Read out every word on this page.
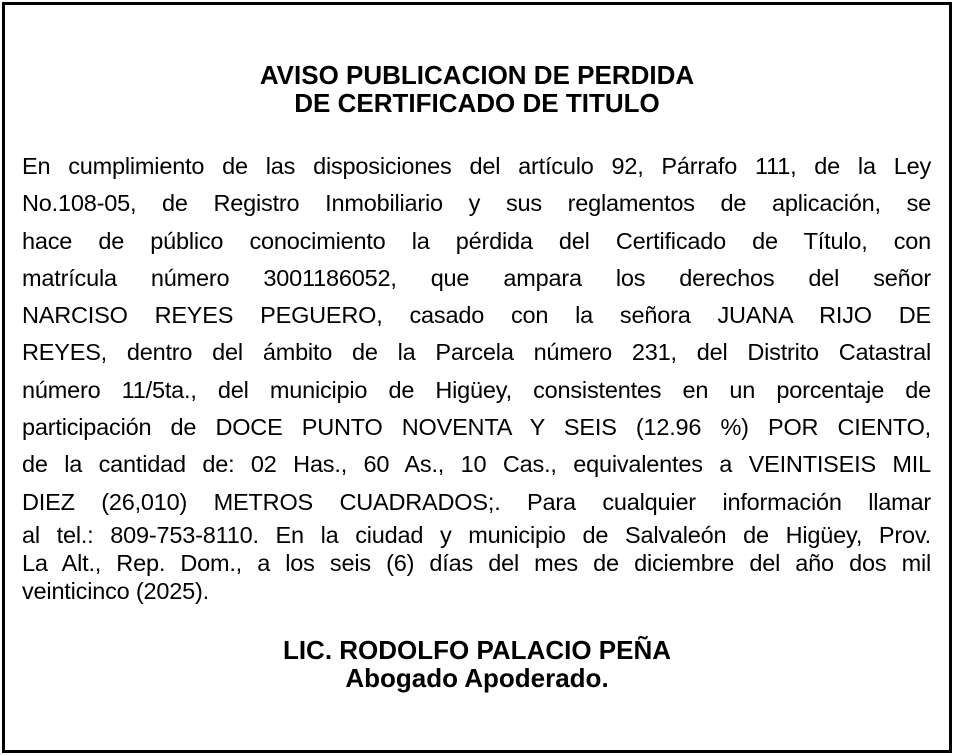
AVISO PUBLICACION DE PERDIDA
DE CERTIFICADO DE TITULO

En cumplimiento de las disposiciones del artículo 92, Párrafo 111, de la Ley
No.108-05, de Registro Inmobiliario y sus reglamentos de aplicación, se
hace de público conocimiento la pérdida del Certificado de Título, con
matrícula número 3001186052, que ampara los derechos del señor
NARCISO REYES PEGUERO, casado con la señora JUANA RIJO DE
REYES, dentro del ámbito de la Parcela número 231, del Distrito Catastral
número 11/5ta., del municipio de Higüey, consistentes en un porcentaje de
participación de DOCE PUNTO NOVENTA Y SEIS (12.96 %) POR CIENTO,
de la cantidad de: 02 Has., 60 As., 10 Cas., equivalentes a VEINTISEIS MIL
DIEZ (26,010) METROS CUADRADOS;. Para cualquier información llamar
al tel.: 809-753-8110. En la ciudad y municipio de Salvaleón de Higüey, Prov.
La Alt., Rep. Dom., a los seis (6) días del mes de diciembre del año dos mil
veinticinco (2025).

LIC. RODOLFO PALACIO PEÑA
Abogado Apoderado.
